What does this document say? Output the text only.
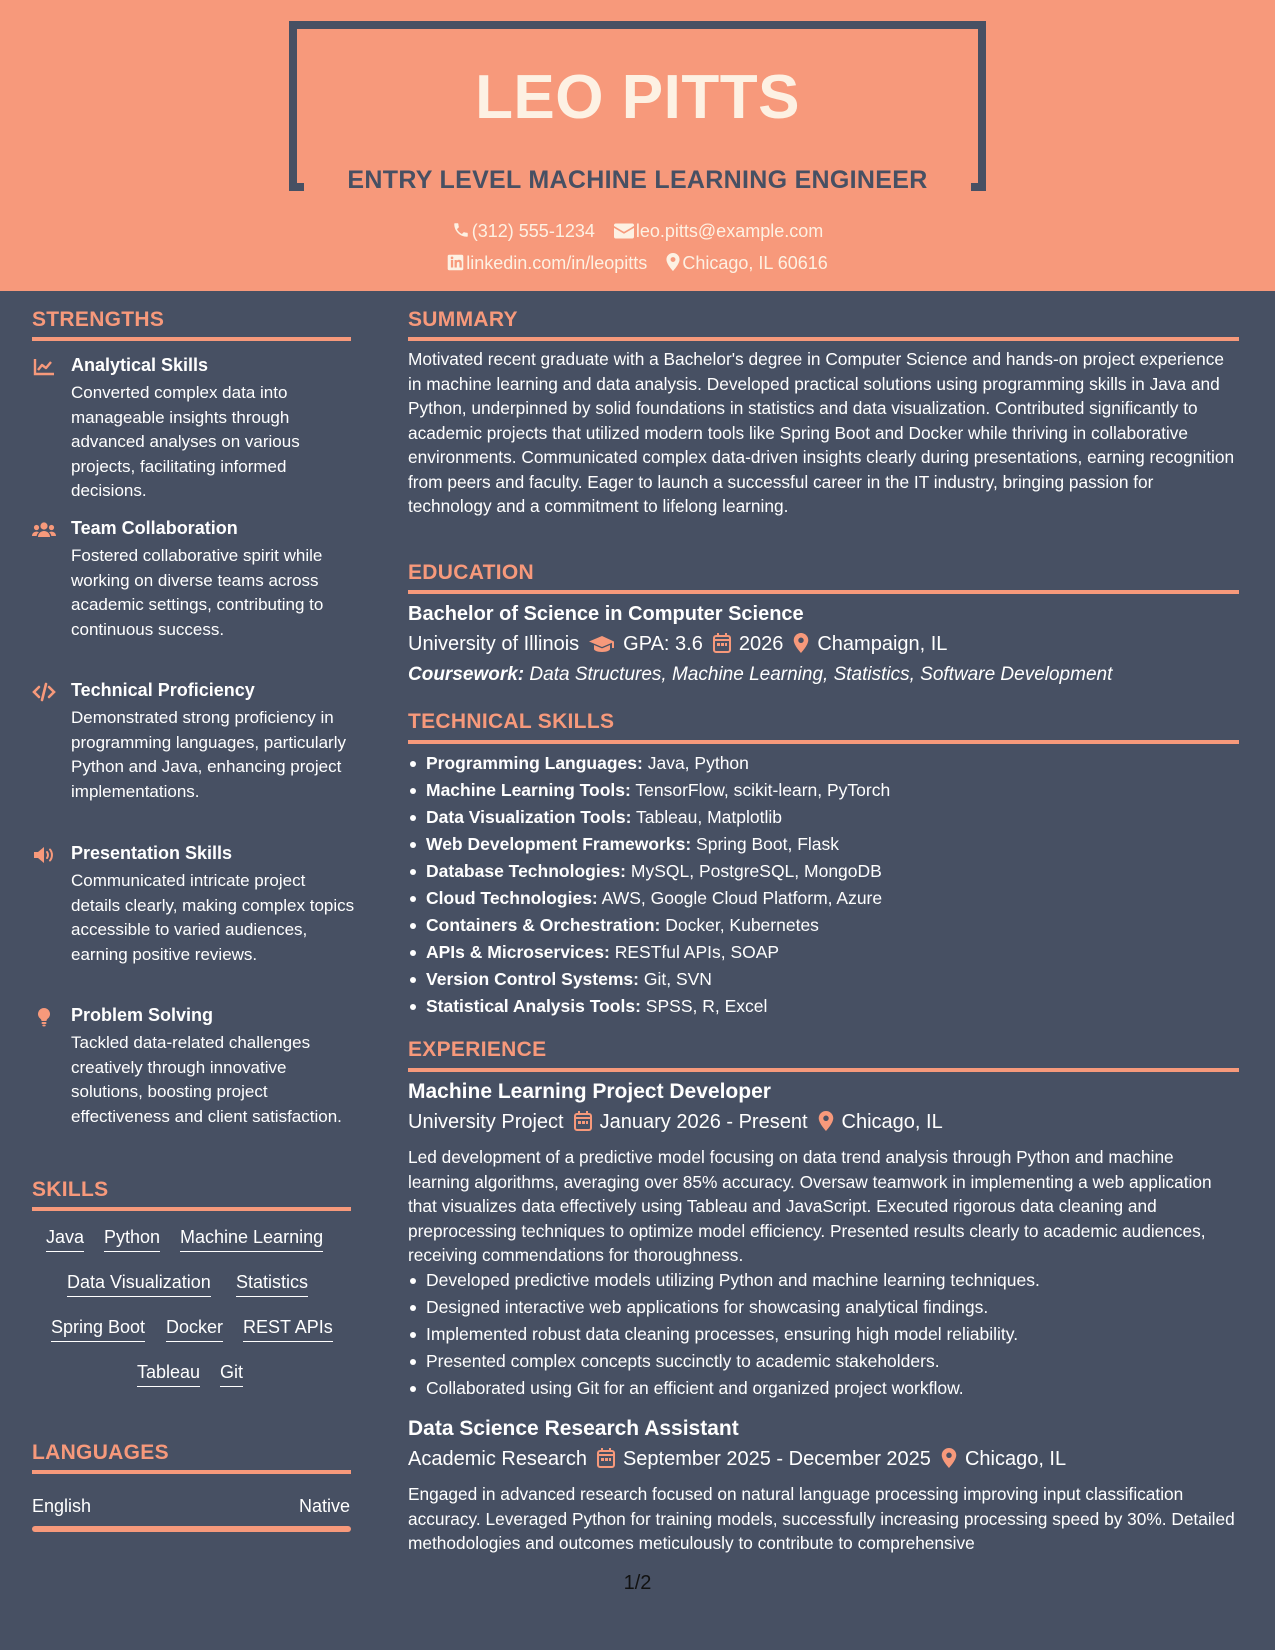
LEO PITTS
ENTRY LEVEL MACHINE LEARNING ENGINEER
(312) 555-1234 leo.pitts@example.com
linkedin.com/in/leopitts Chicago, IL 60616
STRENGTHS
Analytical Skills
Converted complex data into manageable insights through advanced analyses on various projects, facilitating informed decisions.
Team Collaboration
Fostered collaborative spirit while working on diverse teams across academic settings, contributing to continuous success.
Technical Proficiency
Demonstrated strong proficiency in programming languages, particularly Python and Java, enhancing project implementations.
Presentation Skills
Communicated intricate project details clearly, making complex topics accessible to varied audiences, earning positive reviews.
Problem Solving
Tackled data-related challenges creatively through innovative solutions, boosting project effectiveness and client satisfaction.
SKILLS
Java Python Machine Learning
Data Visualization Statistics
Spring Boot Docker REST APIs
Tableau Git
LANGUAGES
English	Native
SUMMARY
Motivated recent graduate with a Bachelor's degree in Computer Science and hands-on project experience in machine learning and data analysis. Developed practical solutions using programming skills in Java and Python, underpinned by solid foundations in statistics and data visualization. Contributed significantly to academic projects that utilized modern tools like Spring Boot and Docker while thriving in collaborative environments. Communicated complex data-driven insights clearly during presentations, earning recognition from peers and faculty. Eager to launch a successful career in the IT industry, bringing passion for technology and a commitment to lifelong learning.
EDUCATION
Bachelor of Science in Computer Science
University of Illinois GPA: 3.6 2026 Champaign, IL
Coursework: Data Structures, Machine Learning, Statistics, Software Development
TECHNICAL SKILLS
Programming Languages: Java, Python
Machine Learning Tools: TensorFlow, scikit-learn, PyTorch
Data Visualization Tools: Tableau, Matplotlib
Web Development Frameworks: Spring Boot, Flask
Database Technologies: MySQL, PostgreSQL, MongoDB
Cloud Technologies: AWS, Google Cloud Platform, Azure
Containers & Orchestration: Docker, Kubernetes
APIs & Microservices: RESTful APIs, SOAP
Version Control Systems: Git, SVN
Statistical Analysis Tools: SPSS, R, Excel
EXPERIENCE
Machine Learning Project Developer
University Project January 2026 - Present Chicago, IL
Led development of a predictive model focusing on data trend analysis through Python and machine learning algorithms, averaging over 85% accuracy. Oversaw teamwork in implementing a web application that visualizes data effectively using Tableau and JavaScript. Executed rigorous data cleaning and preprocessing techniques to optimize model efficiency. Presented results clearly to academic audiences, receiving commendations for thoroughness.
Developed predictive models utilizing Python and machine learning techniques.
Designed interactive web applications for showcasing analytical findings.
Implemented robust data cleaning processes, ensuring high model reliability.
Presented complex concepts succinctly to academic stakeholders.
Collaborated using Git for an efficient and organized project workflow.
Data Science Research Assistant
Academic Research September 2025 - December 2025 Chicago, IL
Engaged in advanced research focused on natural language processing improving input classification accuracy. Leveraged Python for training models, successfully increasing processing speed by 30%. Detailed methodologies and outcomes meticulously to contribute to comprehensive
1/2
